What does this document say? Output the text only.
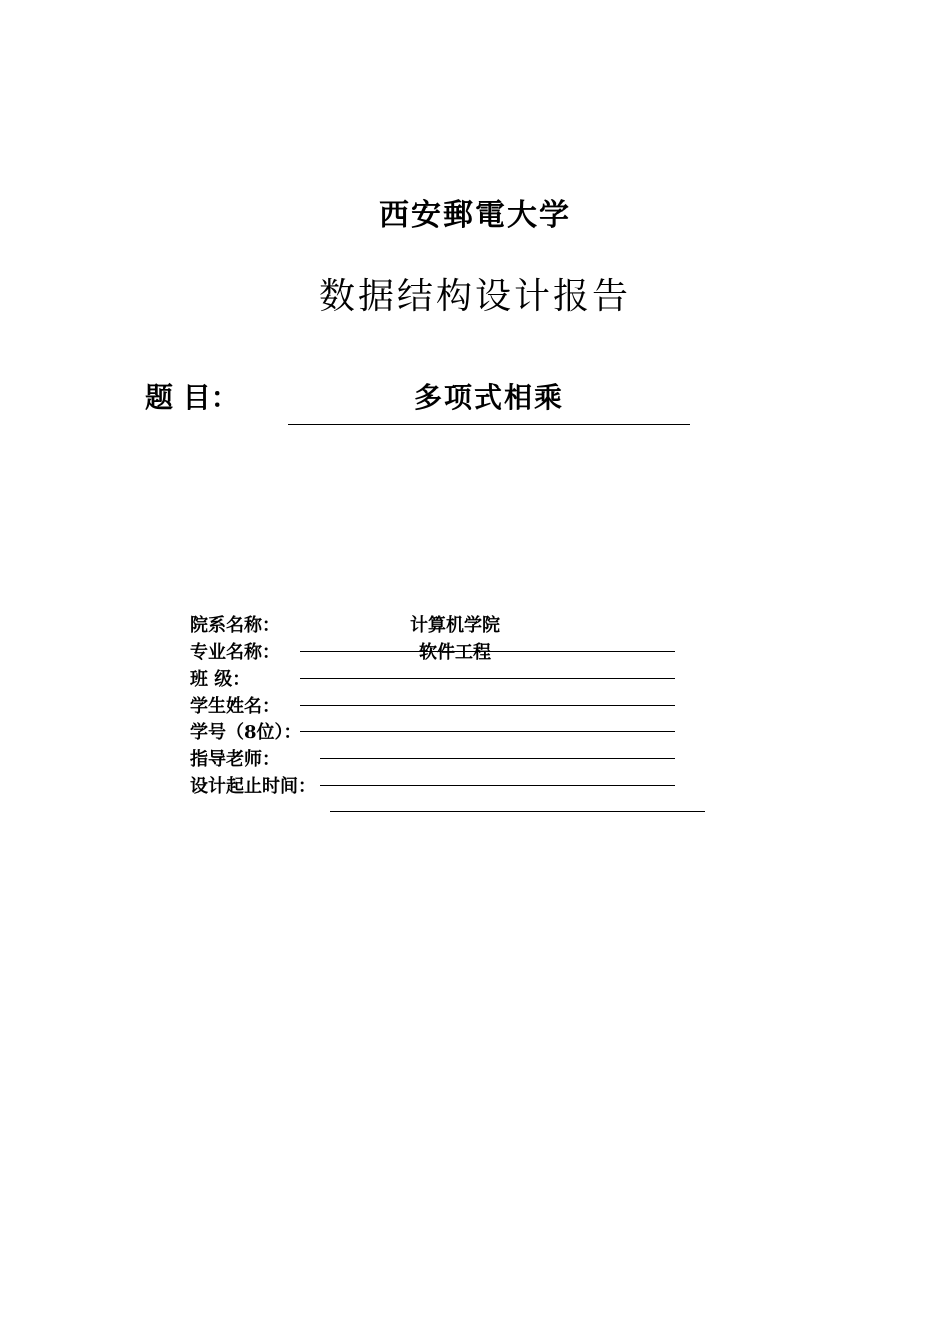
西安郵電大学
数据结构设计报告
题 目：	多项式相乘
院系名称：	计算机学院
专业名称：	软件工程
班 级：
学生姓名：
学号（8位）：
指导老师：
设计起止时间：
